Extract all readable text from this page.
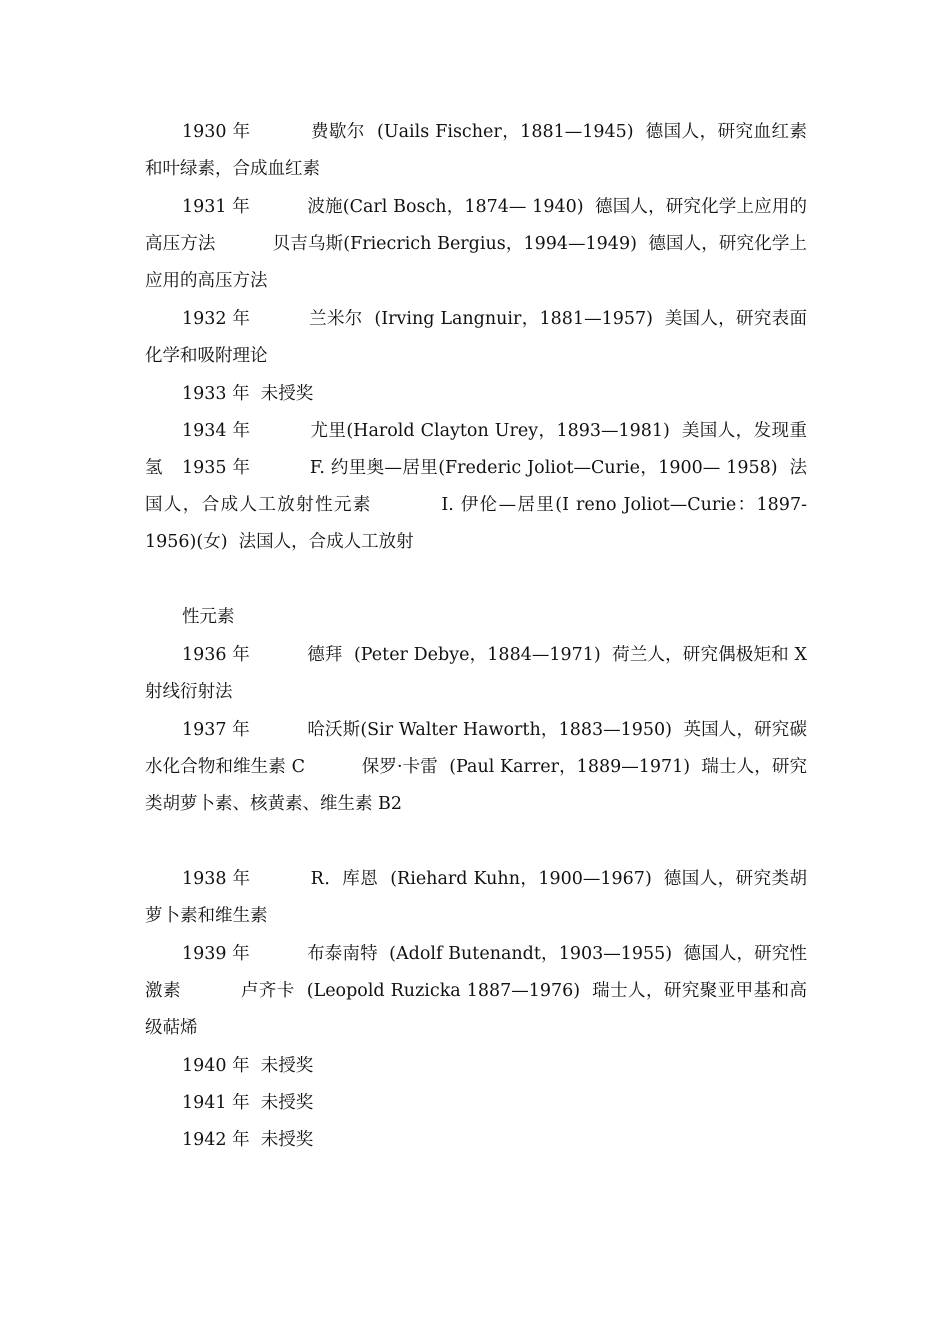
1930 年          费歇尔  (Uails Fischer，1881—1945)  德国人，研究血红素和叶绿素，合成血红素

1931 年          波施(Carl Bosch，1874— 1940)  德国人，研究化学上应用的高压方法          贝吉乌斯(Friecrich Bergius，1994—1949)  德国人，研究化学上应用的高压方法

1932 年          兰米尔  (Irving Langnuir，1881—1957)  美国人，研究表面化学和吸附理论

1933 年  未授奖

1934 年          尤里(Harold Clayton Urey，1893—1981)  美国人，发现重氢	1935 年          F. 约里奥—居里(Frederic Joliot—Curie，1900— 1958)  法国人，合成人工放射性元素          I. 伊伦—居里(I reno Joliot—Curie：1897-1956)(女)  法国人，合成人工放射

性元素

1936 年          德拜  (Peter Debye，1884—1971)  荷兰人，研究偶极矩和 X 射线衍射法

1937 年          哈沃斯(Sir Walter Haworth，1883—1950)  英国人，研究碳水化合物和维生素 C          保罗·卡雷  (Paul Karrer，1889—1971)  瑞士人，研究类胡萝卜素、核黄素、维生素 B2

1938 年          R．库恩  (Riehard Kuhn，1900—1967)  德国人，研究类胡萝卜素和维生素

1939 年          布泰南特  (Adolf Butenandt，1903—1955)  德国人，研究性激素          卢齐卡  (Leopold Ruzicka 1887—1976)  瑞士人，研究聚亚甲基和高级萜烯

1940 年  未授奖

1941 年  未授奖

1942 年  未授奖
